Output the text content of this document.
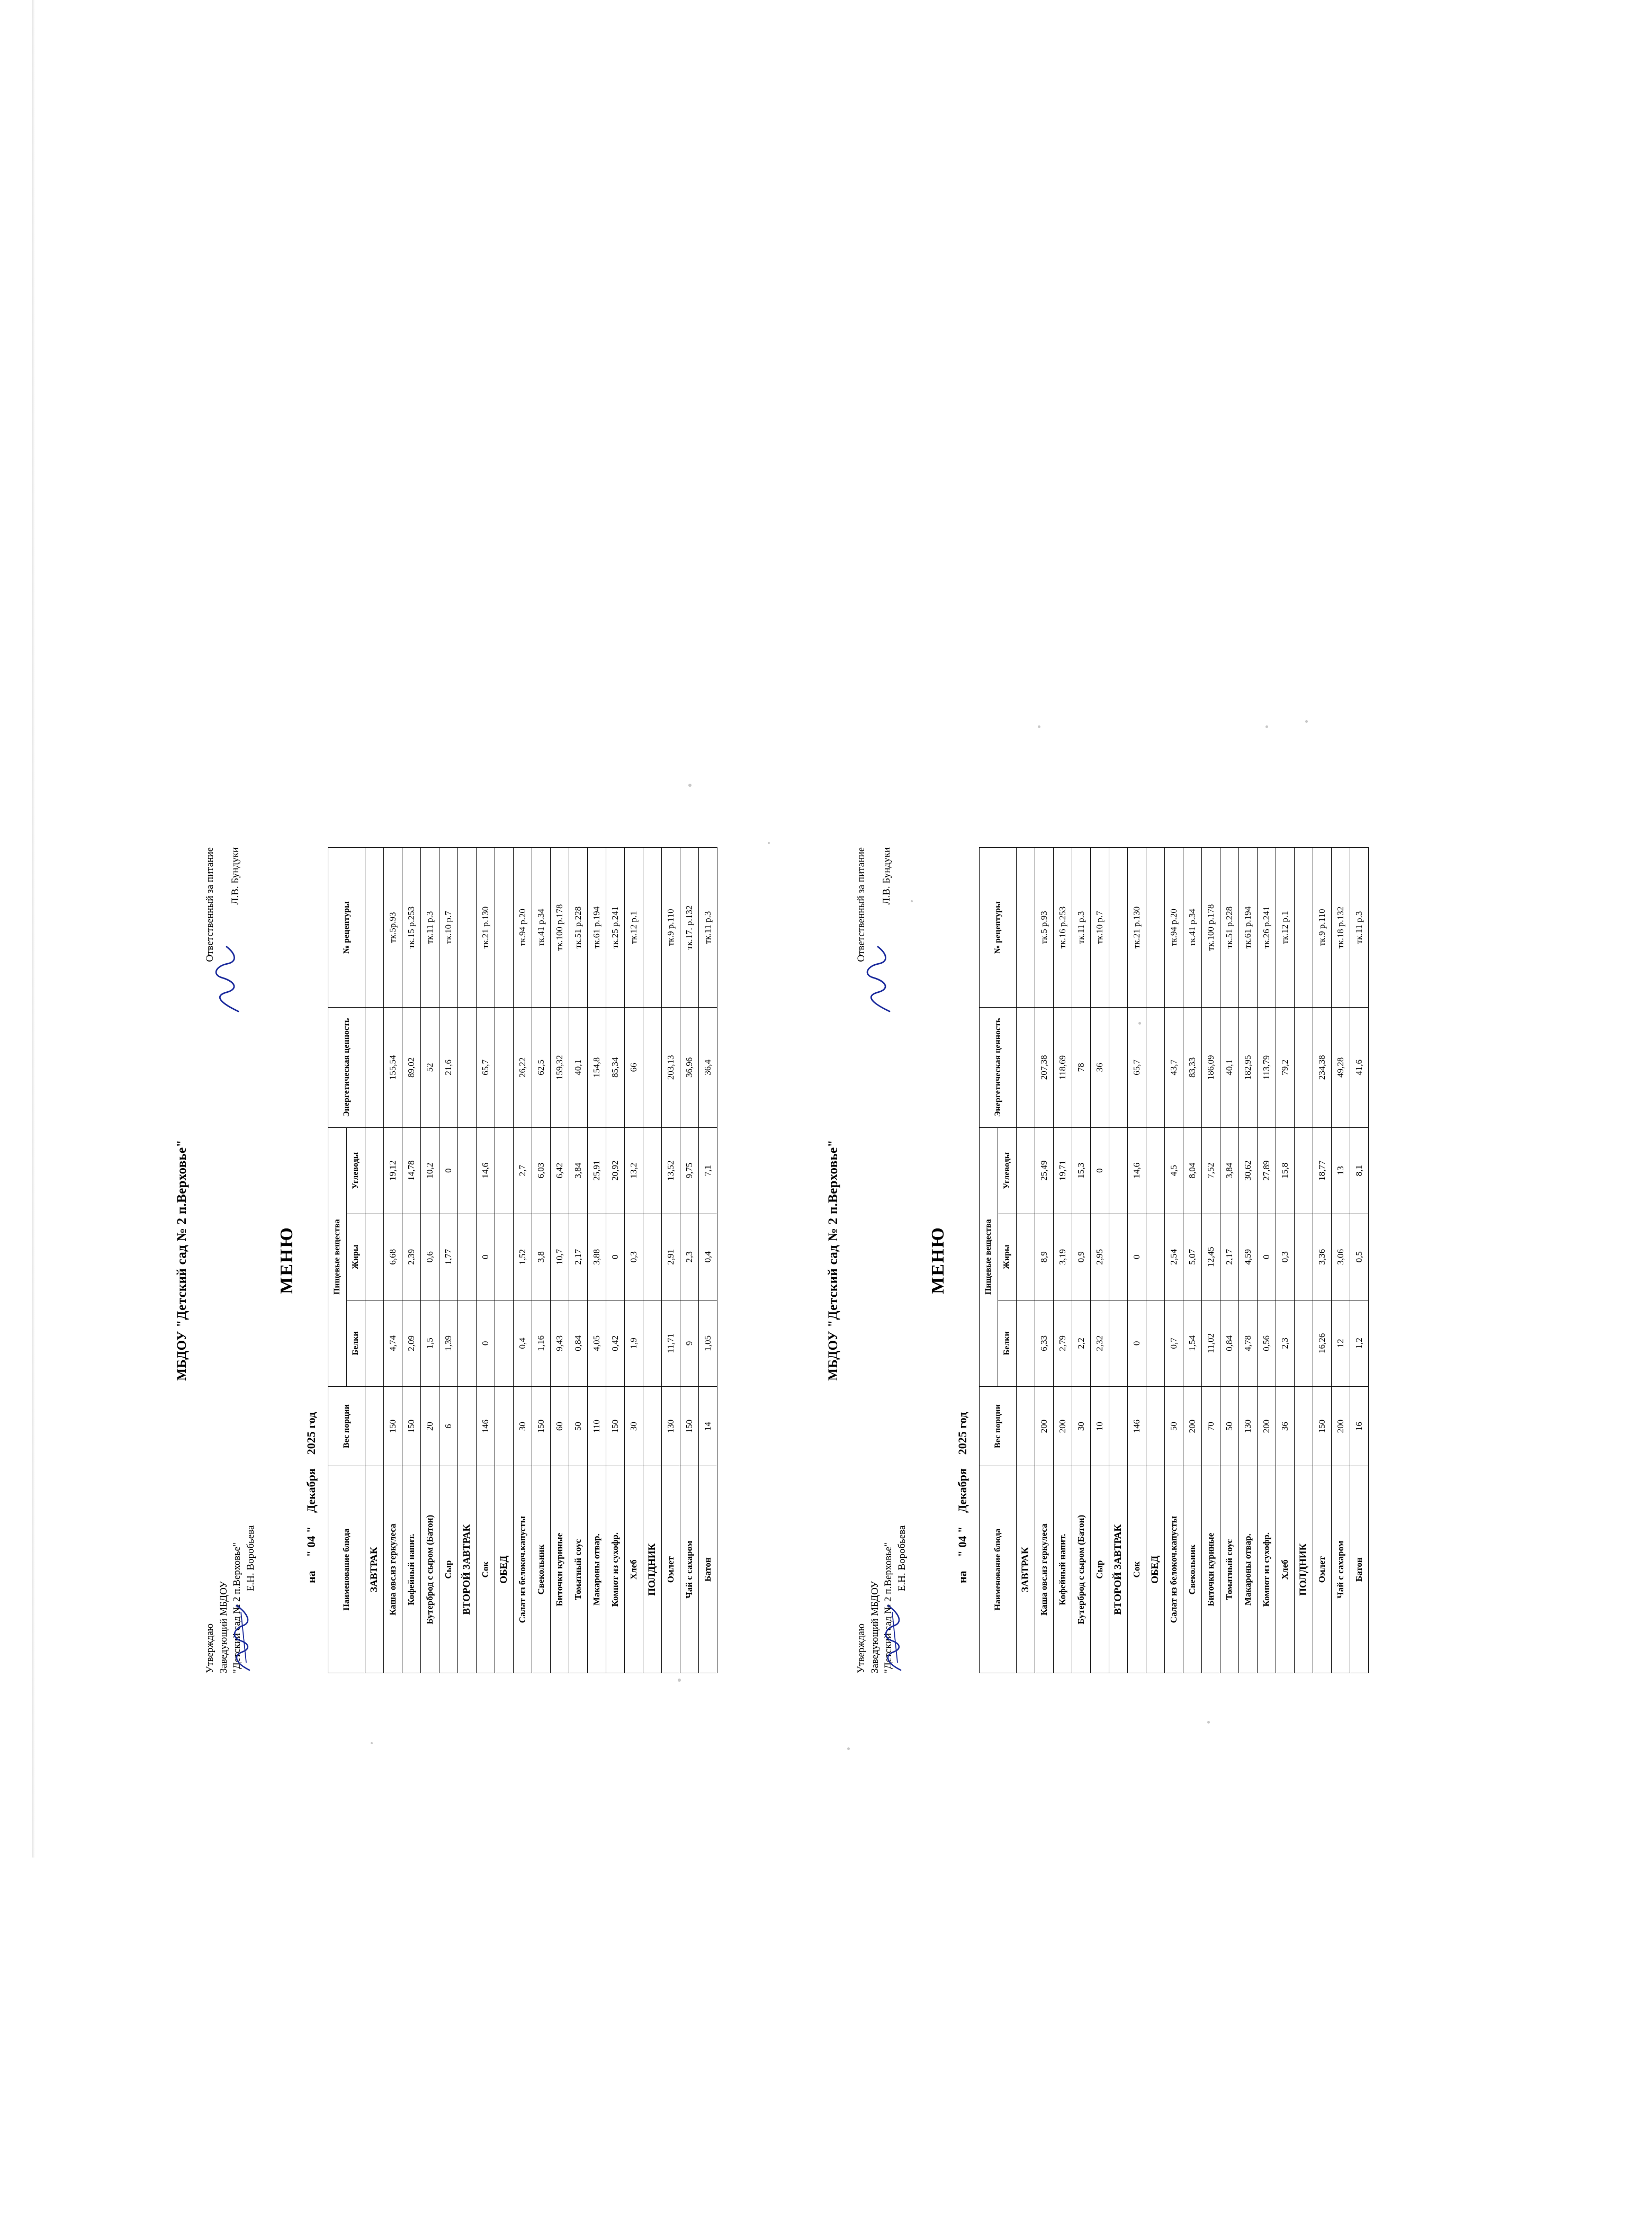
МБДОУ "Детский сад № 2 п.Верховье"
Утверждаю Заведующий МБДОУ "Детский сад № 2 п.Верховье" Е.Н. Воробьева
Ответственный за питание Л.В. Бундуки
МЕНЮ
на
" 04 "
Декабря
2025 год
Наименование блюда	Вес порции	Пищевые вещества			Энергетическая ценность	№ рецептуры
		Белки	Жиры	Углеводы		
ЗАВТРАК						
Каша овс.из геркулеса	150	4,74	6,68	19,12	155,54	тк.5р.93
Кофейный напит.	150	2,09	2,39	14,78	89,02	тк.15 р.253
Бутерброд с сыром (Батон)	20	1,5	0,6	10,2	52	тк.11 р.3
Сыр	6	1,39	1,77	0	21,6	тк.10 р.7
ВТОРОЙ ЗАВТРАК						
Сок	146	0	0	14,6	65,7	тк.21 р.130
ОБЕД						
Салат из белокоч.капусты	30	0,4	1,52	2,7	26,22	тк.94 р.20
Свекольник	150	1,16	3,8	6,03	62,5	тк.41 р.34
Биточки куриные	60	9,43	10,7	6,42	159,32	тк.100 р.178
Томатный соус	50	0,84	2,17	3,84	40,1	тк.51 р.228
Макароны отвар.	110	4,05	3,88	25,91	154,8	тк.61 р.194
Компот из сухофр.	150	0,42	0	20,92	85,34	тк.25 р.241
Хлеб	30	1,9	0,3	13,2	66	тк.12 р.1
ПОЛДНИК						
Омлет	130	11,71	2,91	13,52	203,13	тк.9 р.110
Чай с сахаром	150	9	2,3	9,75	36,96	тк.17. р.132
Батон	14	1,05	0,4	7,1	36,4	тк.11 р.3
МБДОУ "Детский сад № 2 п.Верховье"
Утверждаю Заведующий МБДОУ "Детский сад № 2 п.Верховье" Е.Н. Воробьева
Ответственный за питание Л.В. Бундуки
МЕНЮ
на
" 04 "
Декабря
2025 год
Наименование блюда	Вес порции	Пищевые вещества			Энергетическая ценность	№ рецептуры
		Белки	Жиры	Углеводы		
ЗАВТРАК						
Каша овс.из геркулеса	200	6,33	8,9	25,49	207,38	тк.5 р.93
Кофейный напит.	200	2,79	3,19	19,71	118,69	тк.16 р.253
Бутерброд с сыром (Батон)	30	2,2	0,9	15,3	78	тк.11 р.3
Сыр	10	2,32	2,95	0	36	тк.10 р.7
ВТОРОЙ ЗАВТРАК						
Сок	146	0	0	14,6	65,7	тк.21 р.130
ОБЕД						
Салат из белокоч.капусты	50	0,7	2,54	4,5	43,7	тк.94 р.20
Свекольник	200	1,54	5,07	8,04	83,33	тк.41 р.34
Биточки куриные	70	11,02	12,45	7,52	186,09	тк.100 р.178
Томатный соус	50	0,84	2,17	3,84	40,1	тк.51 р.228
Макароны отвар.	130	4,78	4,59	30,62	182,95	тк.61 р.194
Компот из сухофр.	200	0,56	0	27,89	113,79	тк.26 р.241
Хлеб	36	2,3	0,3	15,8	79,2	тк.12 р.1
ПОЛДНИК						
Омлет	150	16,26	3,36	18,77	234,38	тк.9 р.110
Чай с сахаром	200	12	3,06	13	49,28	тк.18 р.132
Батон	16	1,2	0,5	8,1	41,6	тк.11 р.3
